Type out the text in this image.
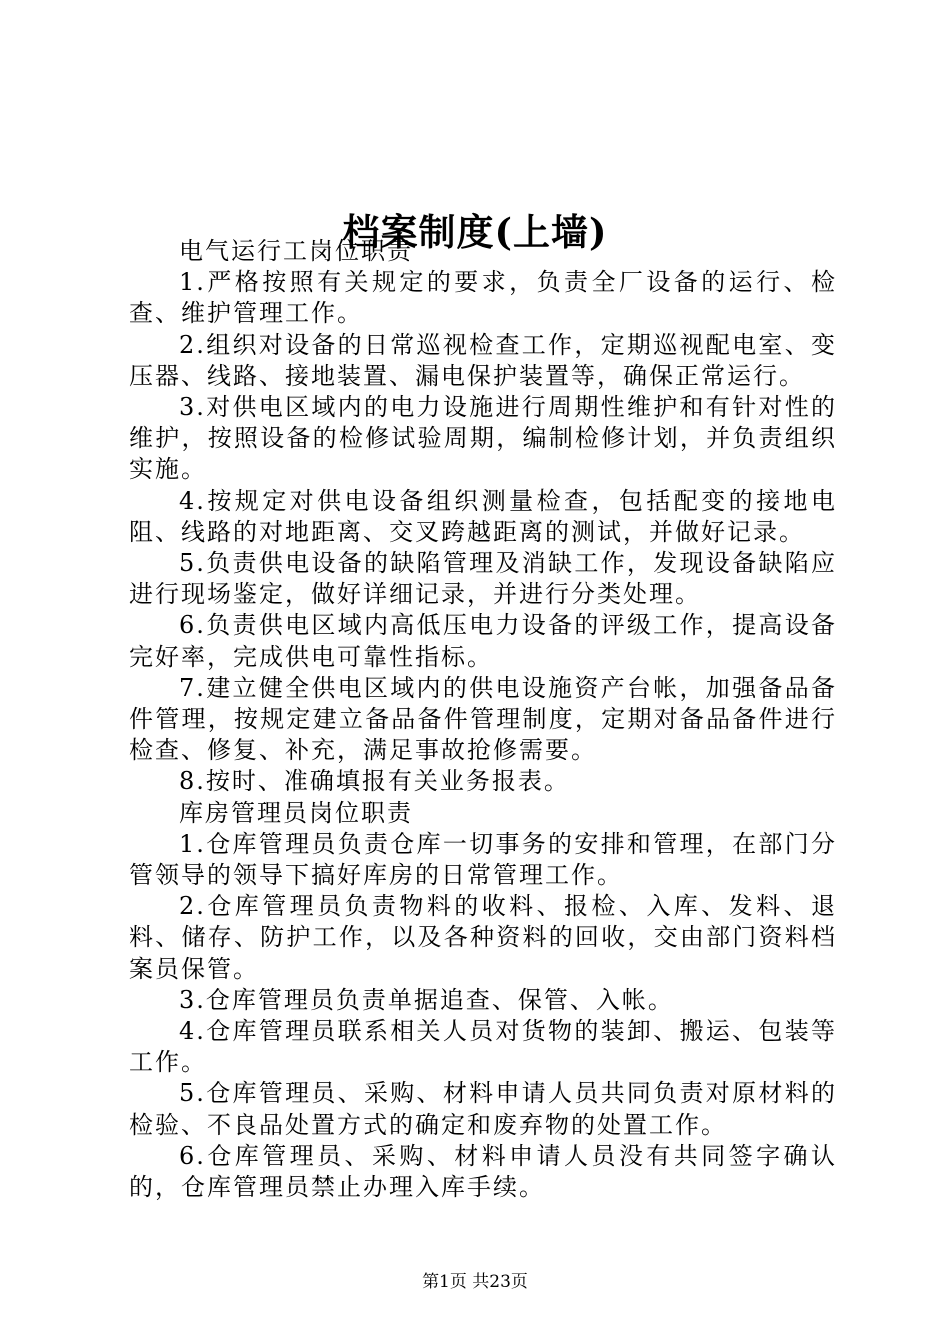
档案制度(上墙)

电气运行工岗位职责

1.严格按照有关规定的要求，负责全厂设备的运行、检查、维护管理工作。

2.组织对设备的日常巡视检查工作，定期巡视配电室、变压器、线路、接地装置、漏电保护装置等，确保正常运行。

3.对供电区域内的电力设施进行周期性维护和有针对性的维护，按照设备的检修试验周期，编制检修计划，并负责组织实施。

4.按规定对供电设备组织测量检查，包括配变的接地电阻、线路的对地距离、交叉跨越距离的测试，并做好记录。

5.负责供电设备的缺陷管理及消缺工作，发现设备缺陷应进行现场鉴定，做好详细记录，并进行分类处理。

6.负责供电区域内高低压电力设备的评级工作，提高设备完好率，完成供电可靠性指标。

7.建立健全供电区域内的供电设施资产台帐，加强备品备件管理，按规定建立备品备件管理制度，定期对备品备件进行检查、修复、补充，满足事故抢修需要。

8.按时、准确填报有关业务报表。

库房管理员岗位职责

1.仓库管理员负责仓库一切事务的安排和管理，在部门分管领导的领导下搞好库房的日常管理工作。

2.仓库管理员负责物料的收料、报检、入库、发料、退料、储存、防护工作，以及各种资料的回收，交由部门资料档案员保管。

3.仓库管理员负责单据追查、保管、入帐。

4.仓库管理员联系相关人员对货物的装卸、搬运、包装等工作。

5.仓库管理员、采购、材料申请人员共同负责对原材料的检验、不良品处置方式的确定和废弃物的处置工作。

6.仓库管理员、采购、材料申请人员没有共同签字确认的，仓库管理员禁止办理入库手续。

第1页 共23页
